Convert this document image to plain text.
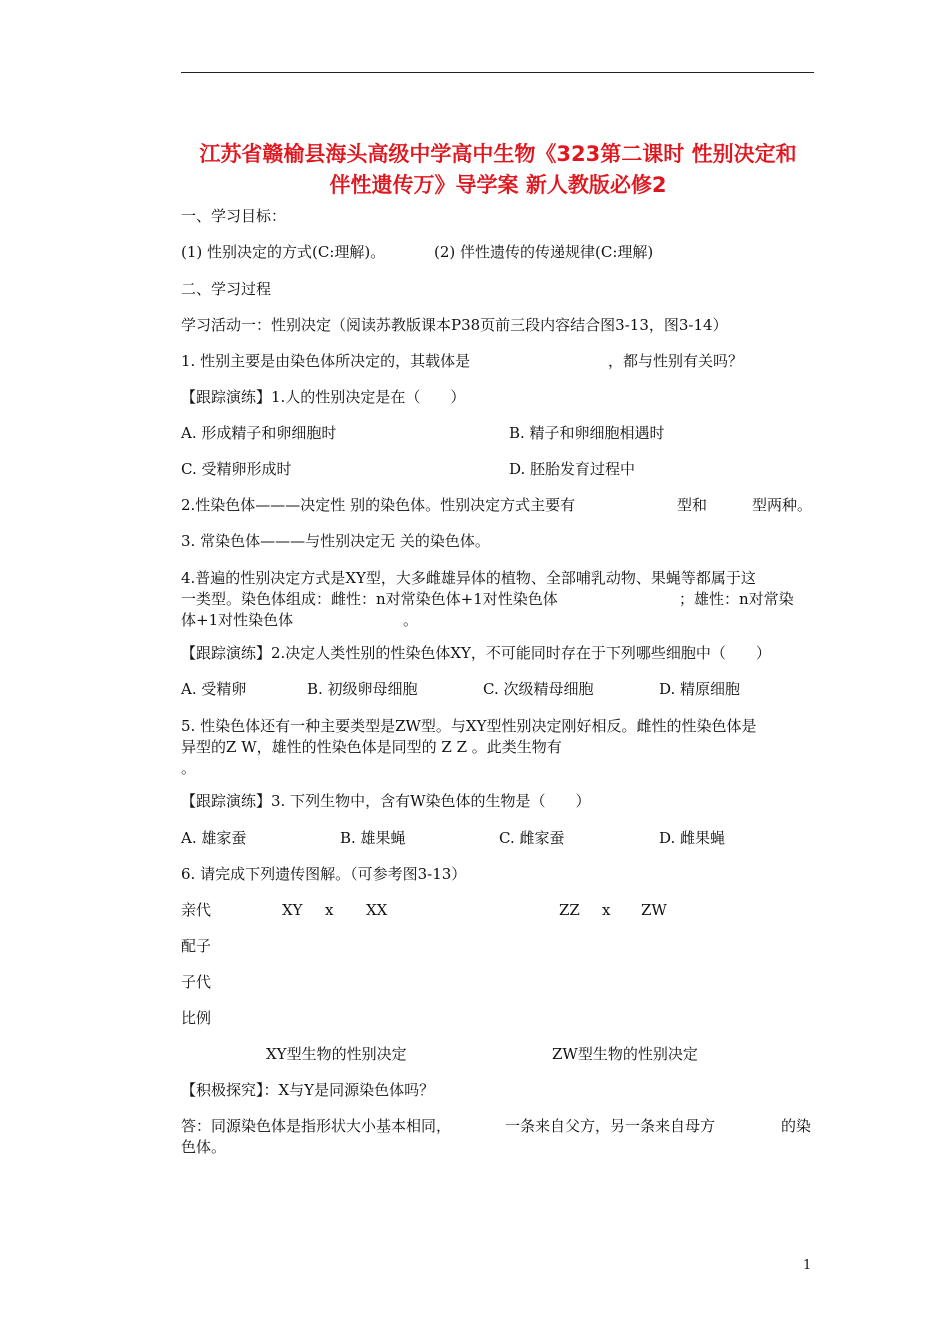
江苏省赣榆县海头高级中学高中生物《323第二课时 性别决定和
伴性遗传万》导学案 新人教版必修2
一、学习目标：
(1) 性别决定的方式(C:理解)。	(2) 伴性遗传的传递规律(C:理解)
二、学习过程
学习活动一：性别决定（阅读苏教版课本P38页前三段内容结合图3-13，图3-14）
1. 性别主要是由染色体所决定的，其载体是	，都与性别有关吗？
【跟踪演练】1.人的性别决定是在（　　）
A. 形成精子和卵细胞时	B. 精子和卵细胞相遇时
C. 受精卵形成时	D. 胚胎发育过程中
2.性染色体———决定性 别的染色体。性别决定方式主要有	型和	型两种。
3. 常染色体———与性别决定无 关的染色体。
4.普遍的性别决定方式是XY型，大多雌雄异体的植物、全部哺乳动物、果蝇等都属于这
一类型。染色体组成：雌性：n对常染色体+1对性染色体	；雄性：n对常染
体+1对性染色体	。
【跟踪演练】2.决定人类性别的性染色体XY，不可能同时存在于下列哪些细胞中（　　）
A. 受精卵	B. 初级卵母细胞	C. 次级精母细胞	D. 精原细胞
5. 性染色体还有一种主要类型是ZW型。与XY型性别决定刚好相反。雌性的性染色体是
异型的Z W，雄性的性染色体是同型的 Z Z 。此类生物有
。
【跟踪演练】3. 下列生物中，含有W染色体的生物是（　　）
A. 雄家蚕	B. 雄果蝇	C. 雌家蚕	D. 雌果蝇
6. 请完成下列遗传图解。（可参考图3-13）
亲代	XY x XX	ZZ x ZW
配子
子代
比例
XY型生物的性别决定	ZW型生物的性别决定
【积极探究】：X与Y是同源染色体吗？
答：同源染色体是指形状大小基本相同，	一条来自父方，另一条来自母方	的染
色体。
1
